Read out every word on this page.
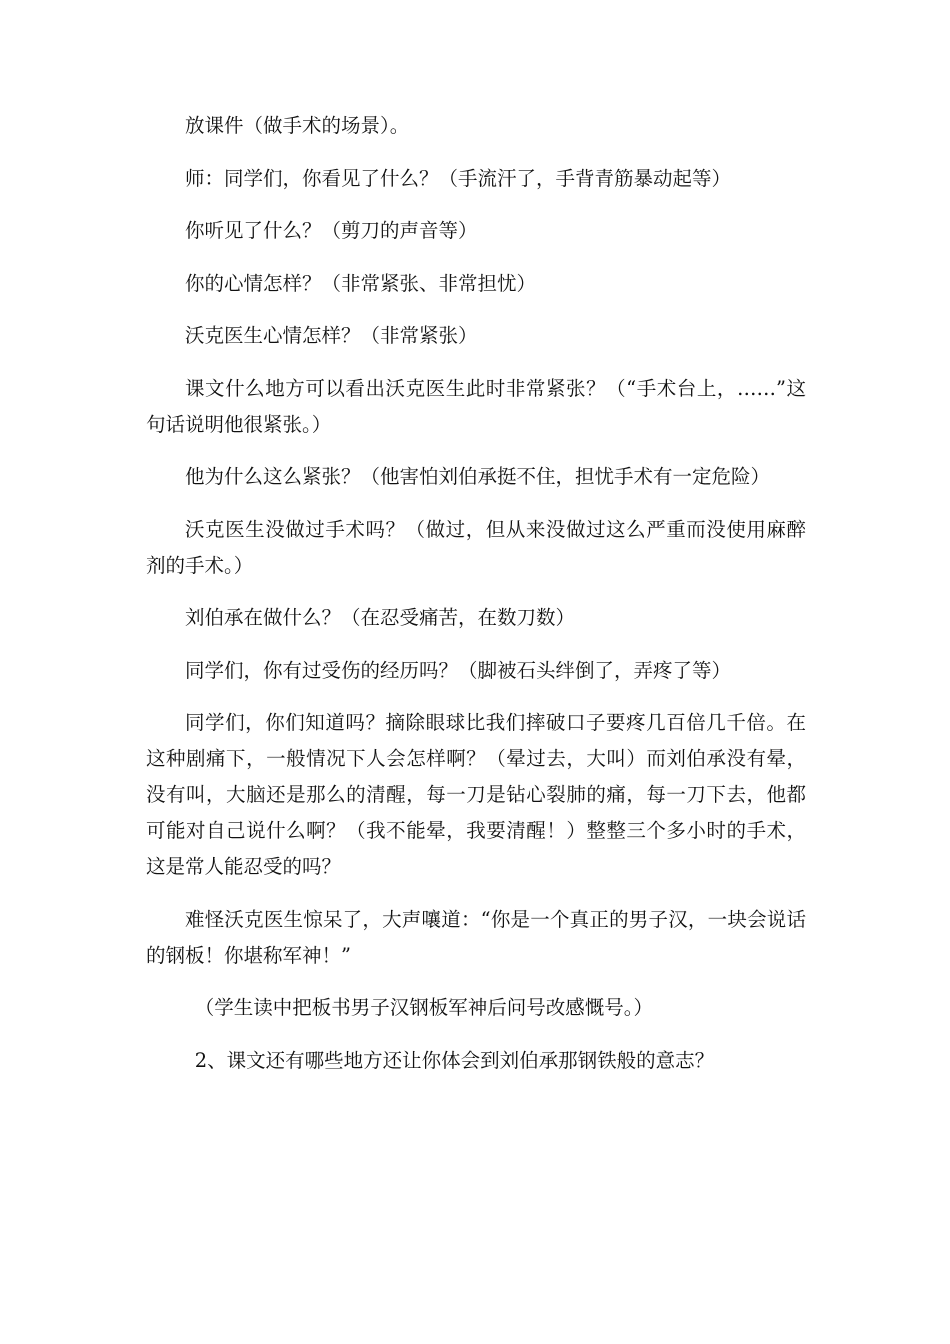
放课件（做手术的场景）。

师：同学们，你看见了什么？（手流汗了，手背青筋暴动起等）

你听见了什么？（剪刀的声音等）

你的心情怎样？（非常紧张、非常担忧）

沃克医生心情怎样？（非常紧张）

课文什么地方可以看出沃克医生此时非常紧张？（“手术台上，……”这句话说明他很紧张。）

他为什么这么紧张？（他害怕刘伯承挺不住，担忧手术有一定危险）

沃克医生没做过手术吗？（做过，但从来没做过这么严重而没使用麻醉剂的手术。）

刘伯承在做什么？（在忍受痛苦，在数刀数）

同学们，你有过受伤的经历吗？（脚被石头绊倒了，弄疼了等）

同学们，你们知道吗？摘除眼球比我们摔破口子要疼几百倍几千倍。在这种剧痛下，一般情况下人会怎样啊？（晕过去，大叫）而刘伯承没有晕，没有叫，大脑还是那么的清醒，每一刀是钻心裂肺的痛，每一刀下去，他都可能对自己说什么啊？（我不能晕，我要清醒！）整整三个多小时的手术，这是常人能忍受的吗？

难怪沃克医生惊呆了，大声嚷道：“你是一个真正的男子汉，一块会说话的钢板！你堪称军神！”

（学生读中把板书男子汉钢板军神后问号改感慨号。）

2、课文还有哪些地方还让你体会到刘伯承那钢铁般的意志？
